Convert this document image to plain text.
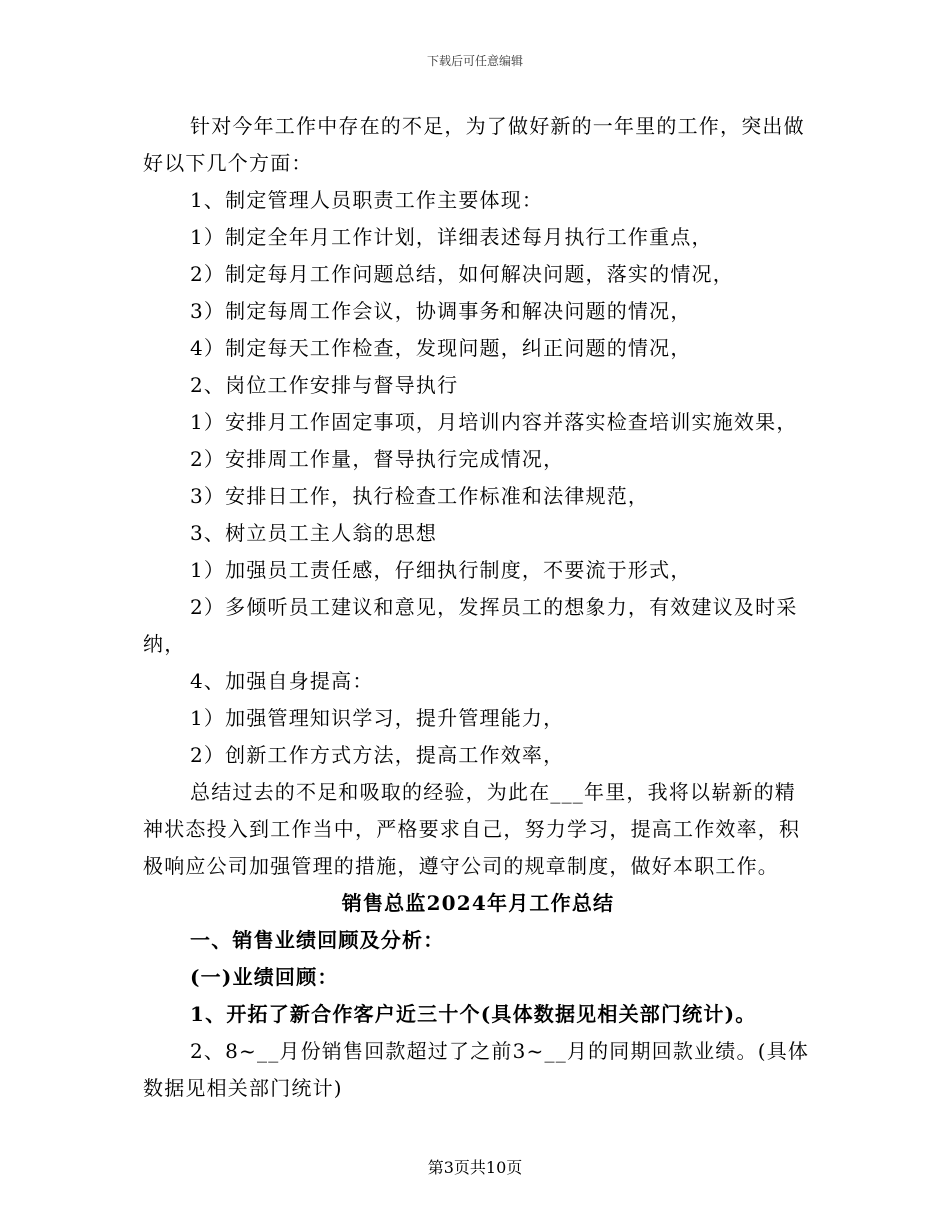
下载后可任意编辑

针对今年工作中存在的不足，为了做好新的一年里的工作，突出做好以下几个方面：

1、制定管理人员职责工作主要体现：

1）制定全年月工作计划，详细表述每月执行工作重点，

2）制定每月工作问题总结，如何解决问题，落实的情况，

3）制定每周工作会议，协调事务和解决问题的情况，

4）制定每天工作检查，发现问题，纠正问题的情况，

2、岗位工作安排与督导执行

1）安排月工作固定事项，月培训内容并落实检查培训实施效果，

2）安排周工作量，督导执行完成情况，

3）安排日工作，执行检查工作标准和法律规范，

3、树立员工主人翁的思想

1）加强员工责任感，仔细执行制度，不要流于形式，

2）多倾听员工建议和意见，发挥员工的想象力，有效建议及时采纳，

4、加强自身提高：

1）加强管理知识学习，提升管理能力，

2）创新工作方式方法，提高工作效率，

总结过去的不足和吸取的经验，为此在___年里，我将以崭新的精神状态投入到工作当中，严格要求自己，努力学习，提高工作效率，积极响应公司加强管理的措施，遵守公司的规章制度，做好本职工作。

销售总监2024年月工作总结

一、销售业绩回顾及分析：

(一)业绩回顾：

1、开拓了新合作客户近三十个(具体数据见相关部门统计)。

2、8~__月份销售回款超过了之前3~__月的同期回款业绩。(具体数据见相关部门统计)

第3页共10页
